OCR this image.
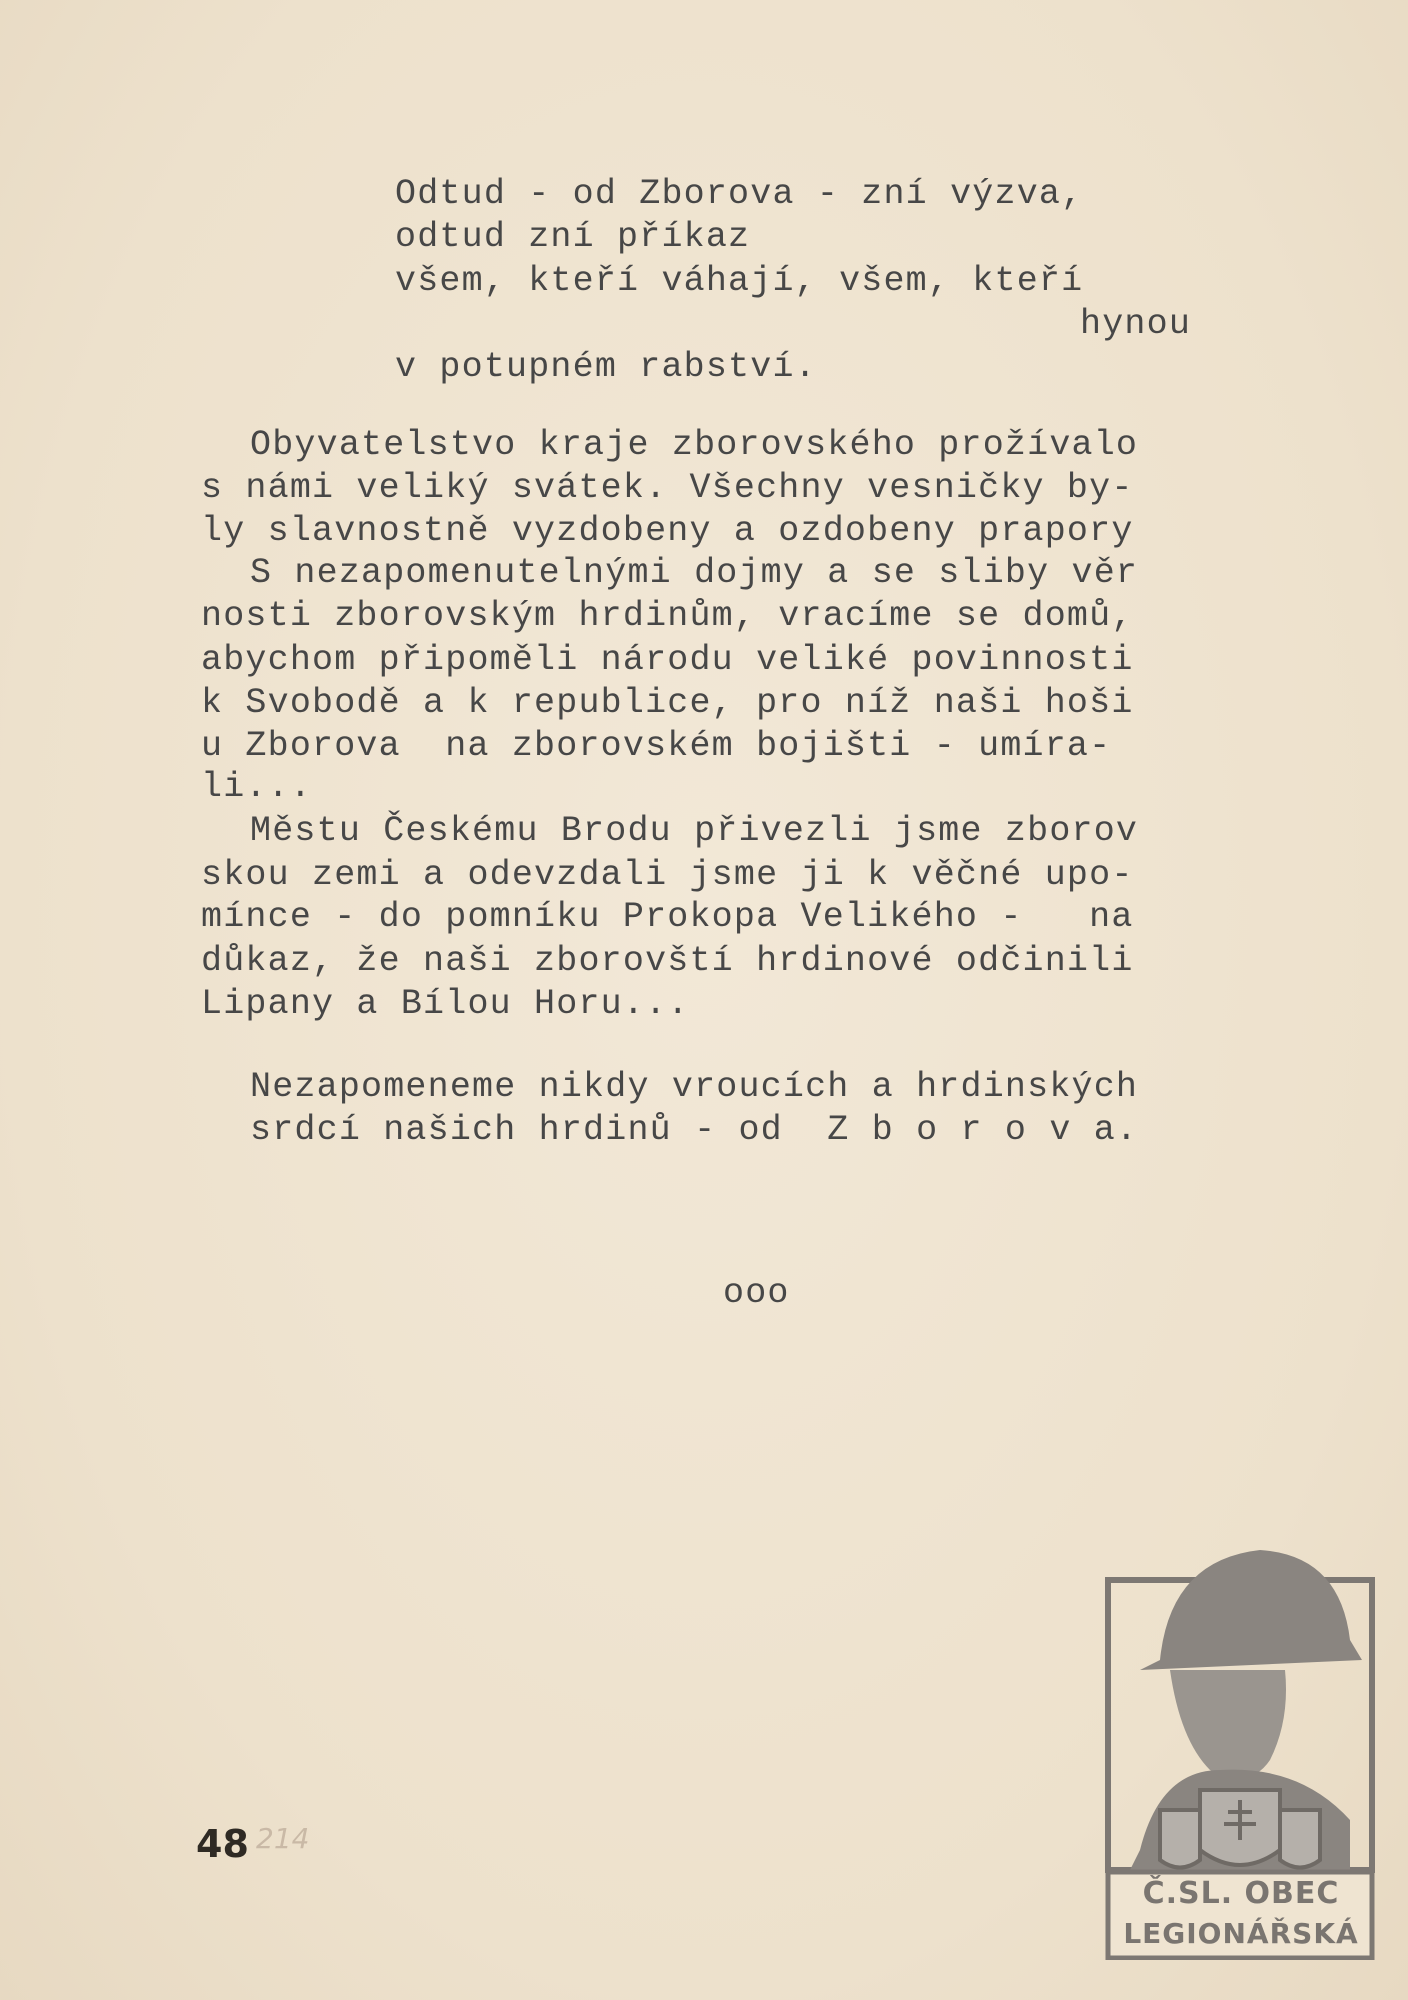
Odtud - od Zborova - zní výzva,
odtud zní příkaz
všem, kteří váhají, všem, kteří
hynou
v potupném rabství.
Obyvatelstvo kraje zborovského prožívalo
s námi veliký svátek. Všechny vesničky by-
ly slavnostně vyzdobeny a ozdobeny prapory
S nezapomenutelnými dojmy a se sliby věr
nosti zborovským hrdinům, vracíme se domů,
abychom připoměli národu veliké povinnosti
k Svobodě a k republice, pro níž naši hoši
u Zborova  na zborovském bojišti - umíra-
li...
Městu Českému Brodu přivezli jsme zborov
skou zemi a odevzdali jsme ji k věčné upo-
mínce - do pomníku Prokopa Velikého -   na
důkaz, že naši zborovští hrdinové odčinili
Lipany a Bílou Horu...
Nezapomeneme nikdy vroucích a hrdinských
srdcí našich hrdinů - od  Z b o r o v a.
ooo
48 214
Č.SL. OBEC
LEGIONÁŘSKÁ
